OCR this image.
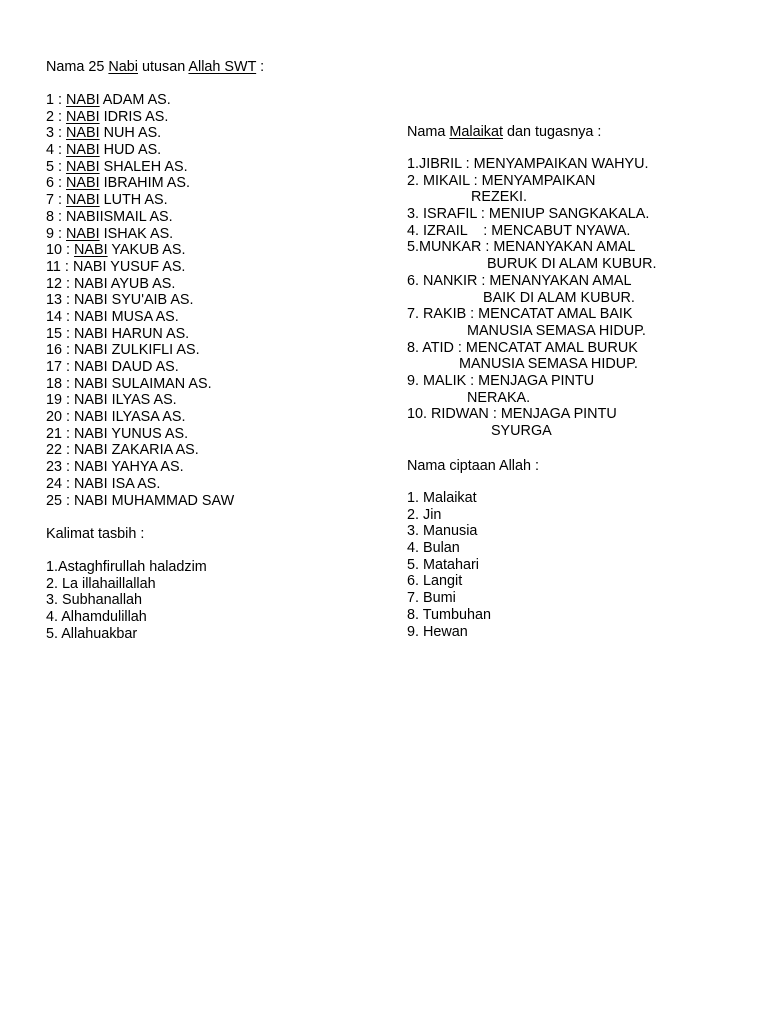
Nama 25 Nabi utusan Allah SWT :
1 : NABI ADAM AS.
2 : NABI IDRIS AS.
3 : NABI NUH AS.
4 : NABI HUD AS.
5 : NABI SHALEH AS.
6 : NABI IBRAHIM AS.
7 : NABI LUTH AS.
8 : NABIISMAIL AS.
9 : NABI ISHAK AS.
10 : NABI YAKUB AS.
11 : NABI YUSUF AS.
12 : NABI AYUB AS.
13 : NABI SYU'AIB AS.
14 : NABI MUSA AS.
15 : NABI HARUN AS.
16 : NABI ZULKIFLI AS.
17 : NABI DAUD AS.
18 : NABI SULAIMAN AS.
19 : NABI ILYAS AS.
20 : NABI ILYASA AS.
21 : NABI YUNUS AS.
22 : NABI ZAKARIA AS.
23 : NABI YAHYA AS.
24 : NABI ISA AS.
25 : NABI MUHAMMAD SAW
Kalimat tasbih :
1.Astaghfirullah haladzim
2. La illahaillallah
3. Subhanallah
4. Alhamdulillah
5. Allahuakbar
Nama Malaikat dan tugasnya :
1.JIBRIL : MENYAMPAIKAN WAHYU.
2. MIKAIL : MENYAMPAIKAN
REZEKI.
3. ISRAFIL : MENIUP SANGKAKALA.
4. IZRAIL    : MENCABUT NYAWA.
5.MUNKAR : MENANYAKAN AMAL
BURUK DI ALAM KUBUR.
6. NANKIR : MENANYAKAN AMAL
BAIK DI ALAM KUBUR.
7. RAKIB : MENCATAT AMAL BAIK
MANUSIA SEMASA HIDUP.
8. ATID : MENCATAT AMAL BURUK
MANUSIA SEMASA HIDUP.
9. MALIK : MENJAGA PINTU
NERAKA.
10. RIDWAN : MENJAGA PINTU
SYURGA
Nama ciptaan Allah :
1. Malaikat
2. Jin
3. Manusia
4. Bulan
5. Matahari
6. Langit
7. Bumi
8. Tumbuhan
9. Hewan
